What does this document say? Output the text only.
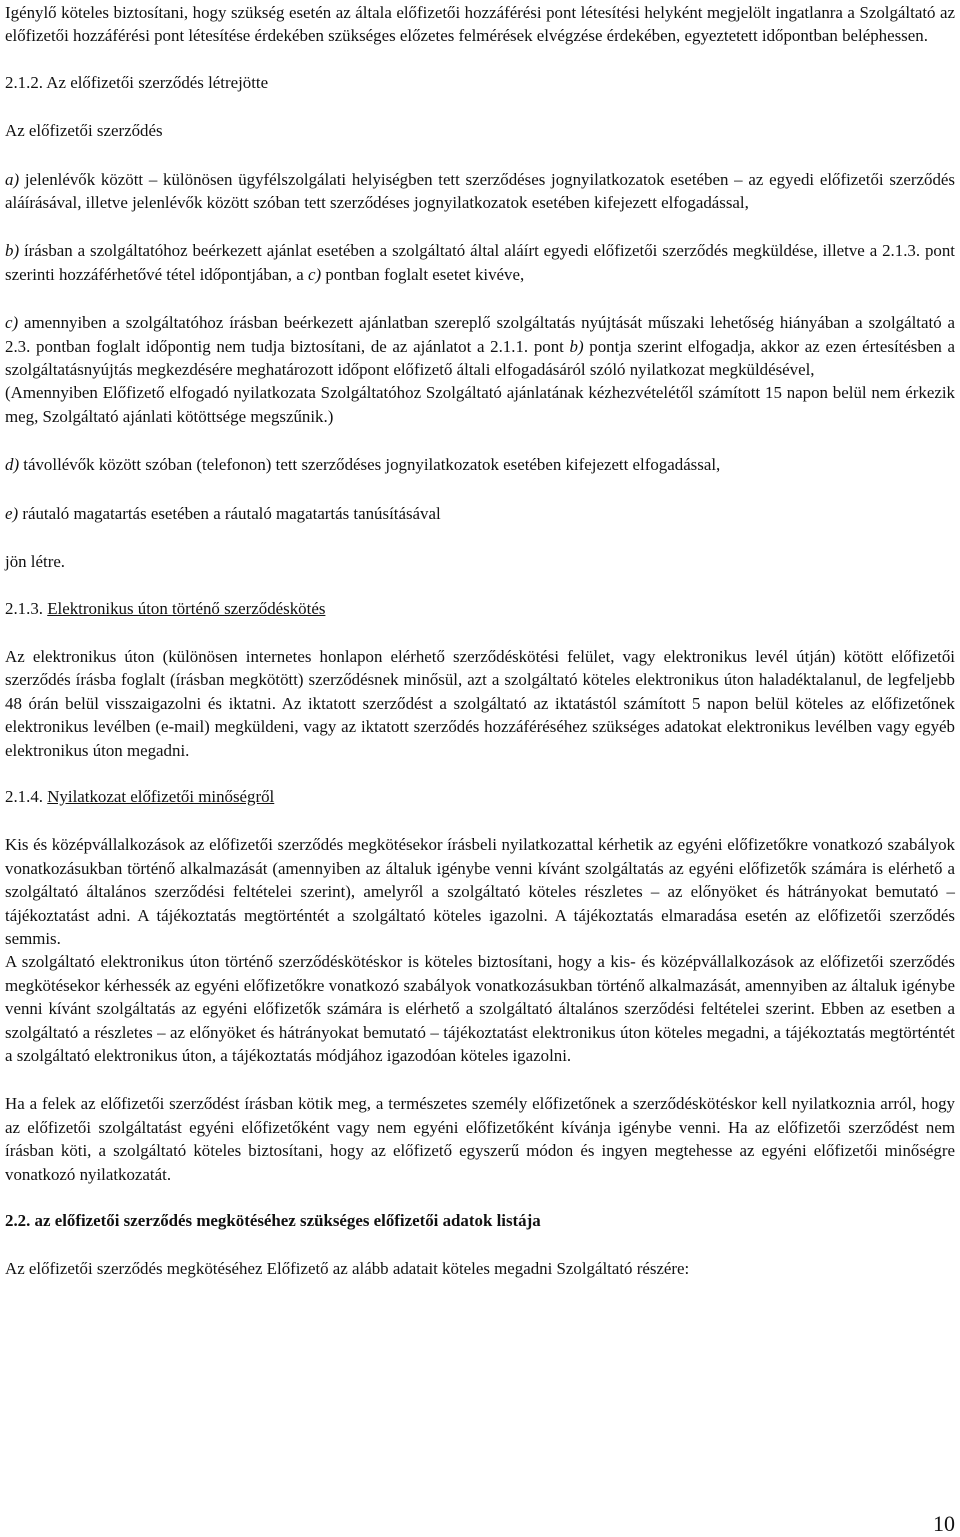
Igénylő köteles biztosítani, hogy szükség esetén az általa előfizetői hozzáférési pont létesítési helyként megjelölt ingatlanra a Szolgáltató az előfizetői hozzáférési pont létesítése érdekében szükséges előzetes felmérések elvégzése érdekében, egyeztetett időpontban beléphessen.

2.1.2. Az előfizetői szerződés létrejötte

Az előfizetői szerződés

a) jelenlévők között – különösen ügyfélszolgálati helyiségben tett szerződéses jognyilatkozatok esetében – az egyedi előfizetői szerződés aláírásával, illetve jelenlévők között szóban tett szerződéses jognyilatkozatok esetében kifejezett elfogadással,

b) írásban a szolgáltatóhoz beérkezett ajánlat esetében a szolgáltató által aláírt egyedi előfizetői szerződés megküldése, illetve a 2.1.3. pont szerinti hozzáférhetővé tétel időpontjában, a c) pontban foglalt esetet kivéve,

c) amennyiben a szolgáltatóhoz írásban beérkezett ajánlatban szereplő szolgáltatás nyújtását műszaki lehetőség hiányában a szolgáltató a 2.3. pontban foglalt időpontig nem tudja biztosítani, de az ajánlatot a 2.1.1. pont b) pontja szerint elfogadja, akkor az ezen értesítésben a szolgáltatásnyújtás megkezdésére meghatározott időpont előfizető általi elfogadásáról szóló nyilatkozat megküldésével,

(Amennyiben Előfizető elfogadó nyilatkozata Szolgáltatóhoz Szolgáltató ajánlatának kézhezvételétől számított 15 napon belül nem érkezik meg, Szolgáltató ajánlati kötöttsége megszűnik.)

d) távollévők között szóban (telefonon) tett szerződéses jognyilatkozatok esetében kifejezett elfogadással,

e) ráutaló magatartás esetében a ráutaló magatartás tanúsításával

jön létre.

2.1.3. Elektronikus úton történő szerződéskötés

Az elektronikus úton (különösen internetes honlapon elérhető szerződéskötési felület, vagy elektronikus levél útján) kötött előfizetői szerződés írásba foglalt (írásban megkötött) szerződésnek minősül, azt a szolgáltató köteles elektronikus úton haladéktalanul, de legfeljebb 48 órán belül visszaigazolni és iktatni. Az iktatott szerződést a szolgáltató az iktatástól számított 5 napon belül köteles az előfizetőnek elektronikus levélben (e-mail) megküldeni, vagy az iktatott szerződés hozzáféréséhez szükséges adatokat elektronikus levélben vagy egyéb elektronikus úton megadni.

2.1.4. Nyilatkozat előfizetői minőségről

Kis és középvállalkozások az előfizetői szerződés megkötésekor írásbeli nyilatkozattal kérhetik az egyéni előfizetőkre vonatkozó szabályok vonatkozásukban történő alkalmazását (amennyiben az általuk igénybe venni kívánt szolgáltatás az egyéni előfizetők számára is elérhető a szolgáltató általános szerződési feltételei szerint), amelyről a szolgáltató köteles részletes – az előnyöket és hátrányokat bemutató – tájékoztatást adni. A tájékoztatás megtörténtét a szolgáltató köteles igazolni. A tájékoztatás elmaradása esetén az előfizetői szerződés semmis.

A szolgáltató elektronikus úton történő szerződéskötéskor is köteles biztosítani, hogy a kis- és középvállalkozások az előfizetői szerződés megkötésekor kérhessék az egyéni előfizetőkre vonatkozó szabályok vonatkozásukban történő alkalmazását, amennyiben az általuk igénybe venni kívánt szolgáltatás az egyéni előfizetők számára is elérhető a szolgáltató általános szerződési feltételei szerint. Ebben az esetben a szolgáltató a részletes – az előnyöket és hátrányokat bemutató – tájékoztatást elektronikus úton köteles megadni, a tájékoztatás megtörténtét a szolgáltató elektronikus úton, a tájékoztatás módjához igazodóan köteles igazolni.

Ha a felek az előfizetői szerződést írásban kötik meg, a természetes személy előfizetőnek a szerződéskötéskor kell nyilatkoznia arról, hogy az előfizetői szolgáltatást egyéni előfizetőként vagy nem egyéni előfizetőként kívánja igénybe venni. Ha az előfizetői szerződést nem írásban köti, a szolgáltató köteles biztosítani, hogy az előfizető egyszerű módon és ingyen megtehesse az egyéni előfizetői minőségre vonatkozó nyilatkozatát.

2.2. az előfizetői szerződés megkötéséhez szükséges előfizetői adatok listája

Az előfizetői szerződés megkötéséhez Előfizető az alább adatait köteles megadni Szolgáltató részére:

10
